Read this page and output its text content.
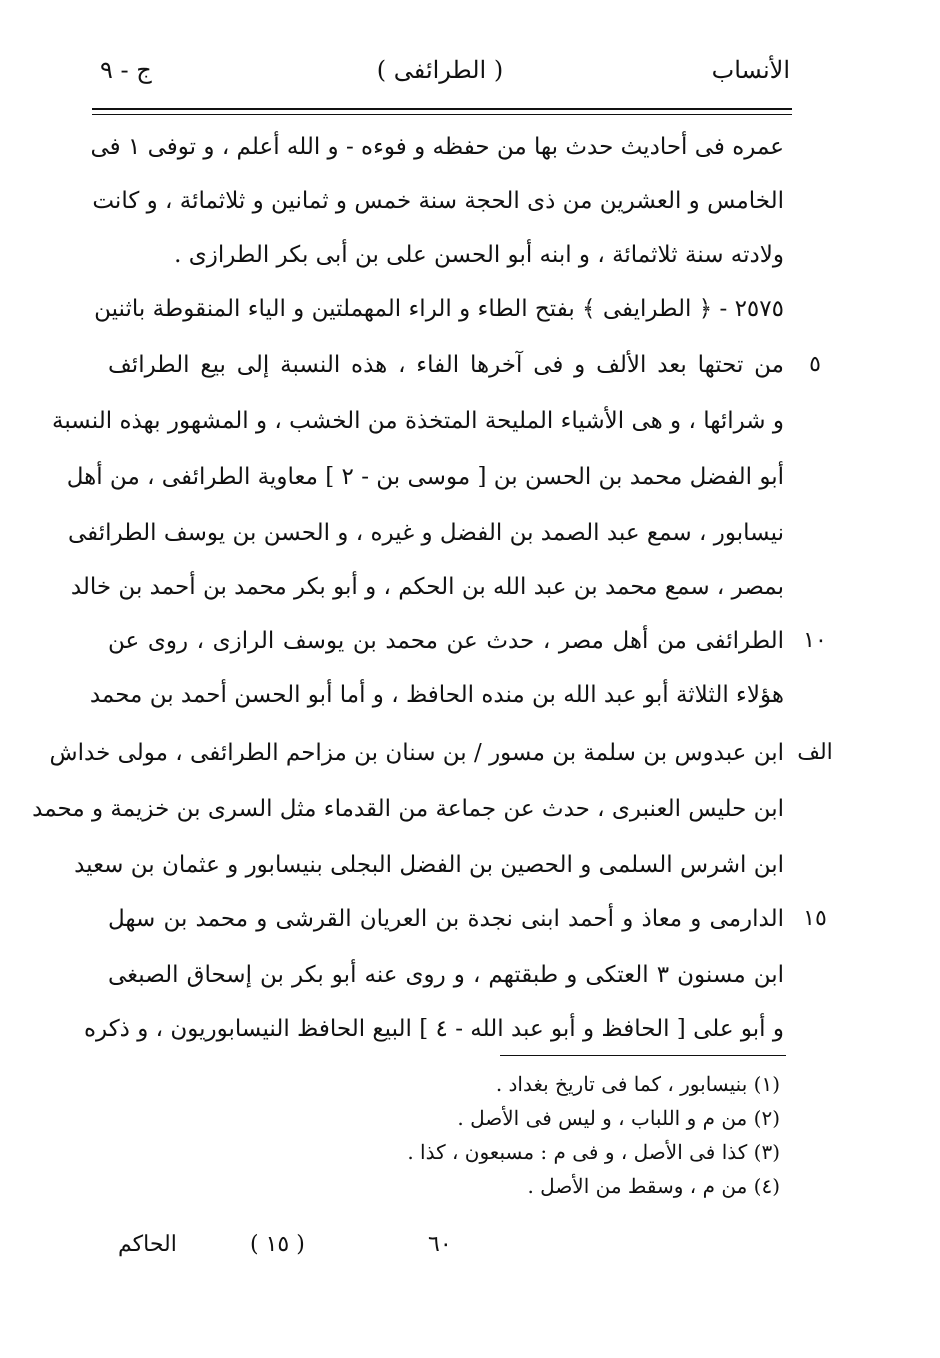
الأنساب
( الطرائفى )
ج - ٩
عمره فى أحاديث حدث بها من حفظه و فوءه - و الله أعلم ، و توفى ١ فى
الخامس و العشرين من ذى الحجة سنة خمس و ثمانين و ثلاثمائة ، و كانت
ولادته سنة ثلاثمائة ، و ابنه أبو الحسن على بن أبى بكر الطرازى .
٢٥٧٥ - ﴿ الطرايفى ﴾ بفتح الطاء و الراء المهملتين و الياء المنقوطة باثنين
من تحتها بعد الألف و فى آخرها الفاء ، هذه النسبة إلى بيع الطرائف	٥
و شرائها ، و هى الأشياء المليحة المتخذة من الخشب ، و المشهور بهذه النسبة
أبو الفضل محمد بن الحسن بن [ موسى بن - ٢ ] معاوية الطرائفى ، من أهل
نيسابور ، سمع عبد الصمد بن الفضل و غيره ، و الحسن بن يوسف الطرائفى
بمصر ، سمع محمد بن عبد الله بن الحكم ، و أبو بكر محمد بن أحمد بن خالد
الطرائفى من أهل مصر ، حدث عن محمد بن يوسف الرازى ، روى عن ١٠
هؤلاء الثلاثة أبو عبد الله بن منده الحافظ ، و أما أبو الحسن أحمد بن محمد
ابن عبدوس بن سلمة بن مسور / بن سنان بن مزاحم الطرائفى ، مولى خداش الف
ابن حليس العنبرى ، حدث عن جماعة من القدماء مثل السرى بن خزيمة و محمد
ابن اشرس السلمى و الحصين بن الفضل البجلى بنيسابور و عثمان بن سعيد
الدارمى و معاذ و أحمد ابنى نجدة بن العريان القرشى و محمد بن سهل ١٥
ابن مسنون ٣ العتكى و طبقتهم ، و روى عنه أبو بكر بن إسحاق الصبغى
و أبو على [ الحافظ و أبو عبد الله - ٤ ] البيع الحافظ النيسابوريون ، و ذكره
(١) بنيسابور ، كما فى تاريخ بغداد .
(٢) من م و اللباب ، و ليس فى الأصل .
(٣) كذا فى الأصل ، و فى م : مسبعون ، كذا .
(٤) من م ، وسقط من الأصل .
الحاكم	( ١٥ )	٦٠
